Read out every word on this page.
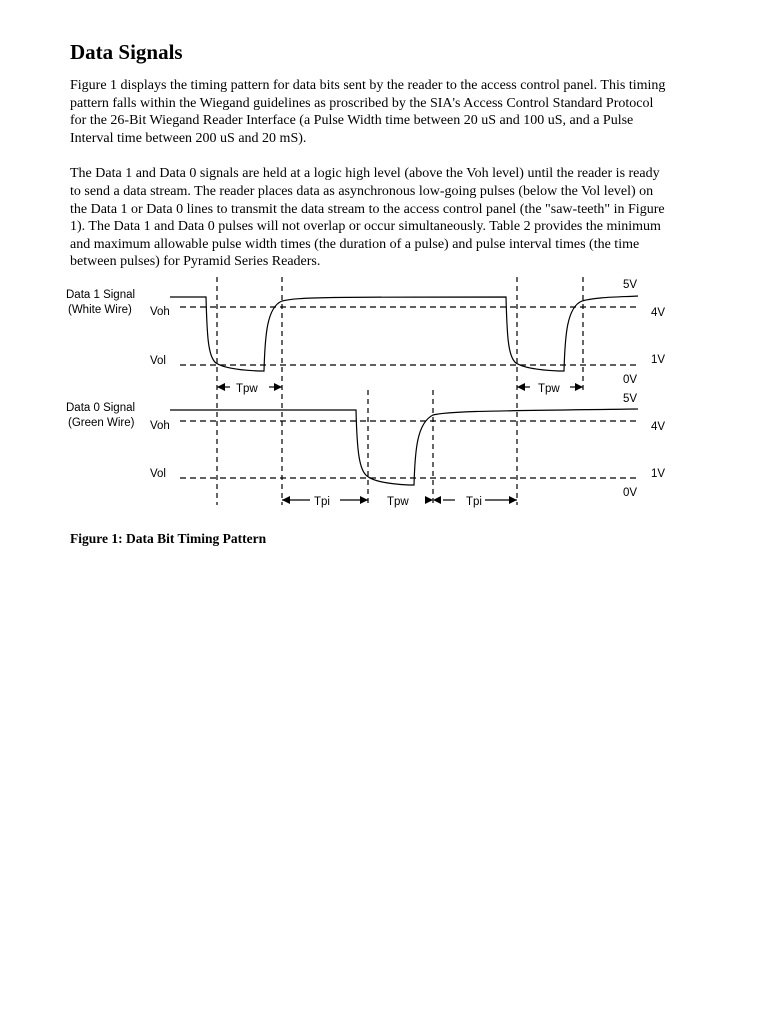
Data Signals

Figure 1 displays the timing pattern for data bits sent by the reader to the access control panel. This timing pattern falls within the Wiegand guidelines as proscribed by the SIA's Access Control Standard Protocol for the 26-Bit Wiegand Reader Interface (a Pulse Width time between 20 uS and 100 uS, and a Pulse Interval time between 200 uS and 20 mS).

The Data 1 and Data 0 signals are held at a logic high level (above the Voh level) until the reader is ready to send a data stream. The reader places data as asynchronous low-going pulses (below the Vol level) on the Data 1 or Data 0 lines to transmit the data stream to the access control panel (the "saw-teeth" in Figure 1). The Data 1 and Data 0 pulses will not overlap or occur simultaneously. Table 2 provides the minimum and maximum allowable pulse width times (the duration of a pulse) and pulse interval times (the time between pulses) for Pyramid Series Readers.

Data 1 Signal
(White Wire) Voh
Vol
5V
4V
1V
0V
Tpw	Tpw
Data 0 Signal
(Green Wire) Voh
Vol
5V
4V
1V
0V
Tpi	Tpw	Tpi
Figure 1: Data Bit Timing Pattern
